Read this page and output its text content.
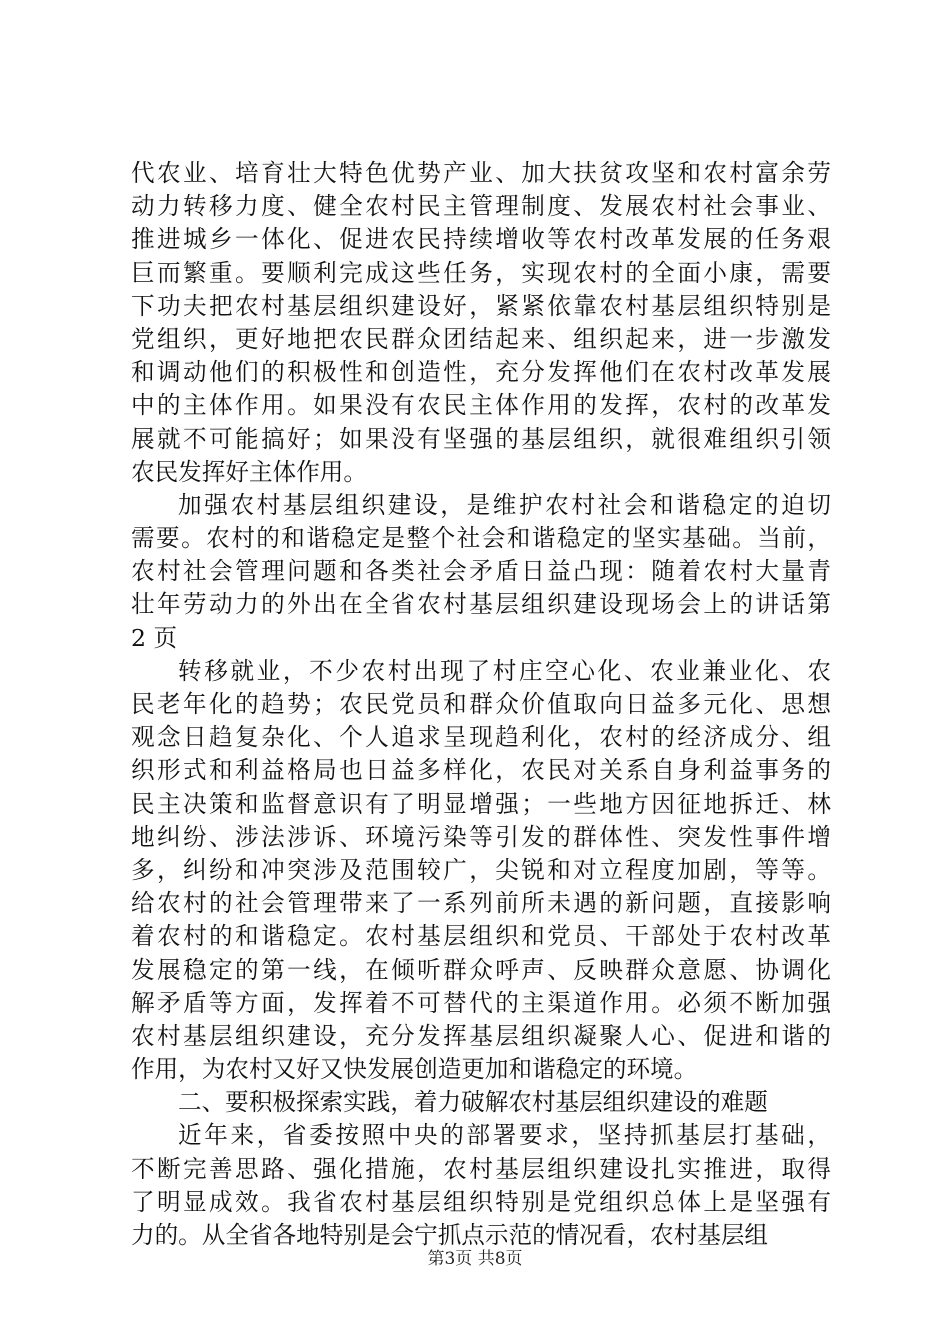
代农业、培育壮大特色优势产业、加大扶贫攻坚和农村富余劳
动力转移力度、健全农村民主管理制度、发展农村社会事业、
推进城乡一体化、促进农民持续增收等农村改革发展的任务艰
巨而繁重。要顺利完成这些任务，实现农村的全面小康，需要
下功夫把农村基层组织建设好，紧紧依靠农村基层组织特别是
党组织，更好地把农民群众团结起来、组织起来，进一步激发
和调动他们的积极性和创造性，充分发挥他们在农村改革发展
中的主体作用。如果没有农民主体作用的发挥，农村的改革发
展就不可能搞好；如果没有坚强的基层组织，就很难组织引领
农民发挥好主体作用。
加强农村基层组织建设，是维护农村社会和谐稳定的迫切
需要。农村的和谐稳定是整个社会和谐稳定的坚实基础。当前，
农村社会管理问题和各类社会矛盾日益凸现：随着农村大量青
壮年劳动力的外出在全省农村基层组织建设现场会上的讲话第
2 页
转移就业，不少农村出现了村庄空心化、农业兼业化、农
民老年化的趋势；农民党员和群众价值取向日益多元化、思想
观念日趋复杂化、个人追求呈现趋利化，农村的经济成分、组
织形式和利益格局也日益多样化，农民对关系自身利益事务的
民主决策和监督意识有了明显增强；一些地方因征地拆迁、林
地纠纷、涉法涉诉、环境污染等引发的群体性、突发性事件增
多，纠纷和冲突涉及范围较广，尖锐和对立程度加剧，等等。
给农村的社会管理带来了一系列前所未遇的新问题，直接影响
着农村的和谐稳定。农村基层组织和党员、干部处于农村改革
发展稳定的第一线，在倾听群众呼声、反映群众意愿、协调化
解矛盾等方面，发挥着不可替代的主渠道作用。必须不断加强
农村基层组织建设，充分发挥基层组织凝聚人心、促进和谐的
作用，为农村又好又快发展创造更加和谐稳定的环境。
二、要积极探索实践，着力破解农村基层组织建设的难题
近年来，省委按照中央的部署要求，坚持抓基层打基础，
不断完善思路、强化措施，农村基层组织建设扎实推进，取得
了明显成效。我省农村基层组织特别是党组织总体上是坚强有
力的。从全省各地特别是会宁抓点示范的情况看，农村基层组
第3页 共8页
